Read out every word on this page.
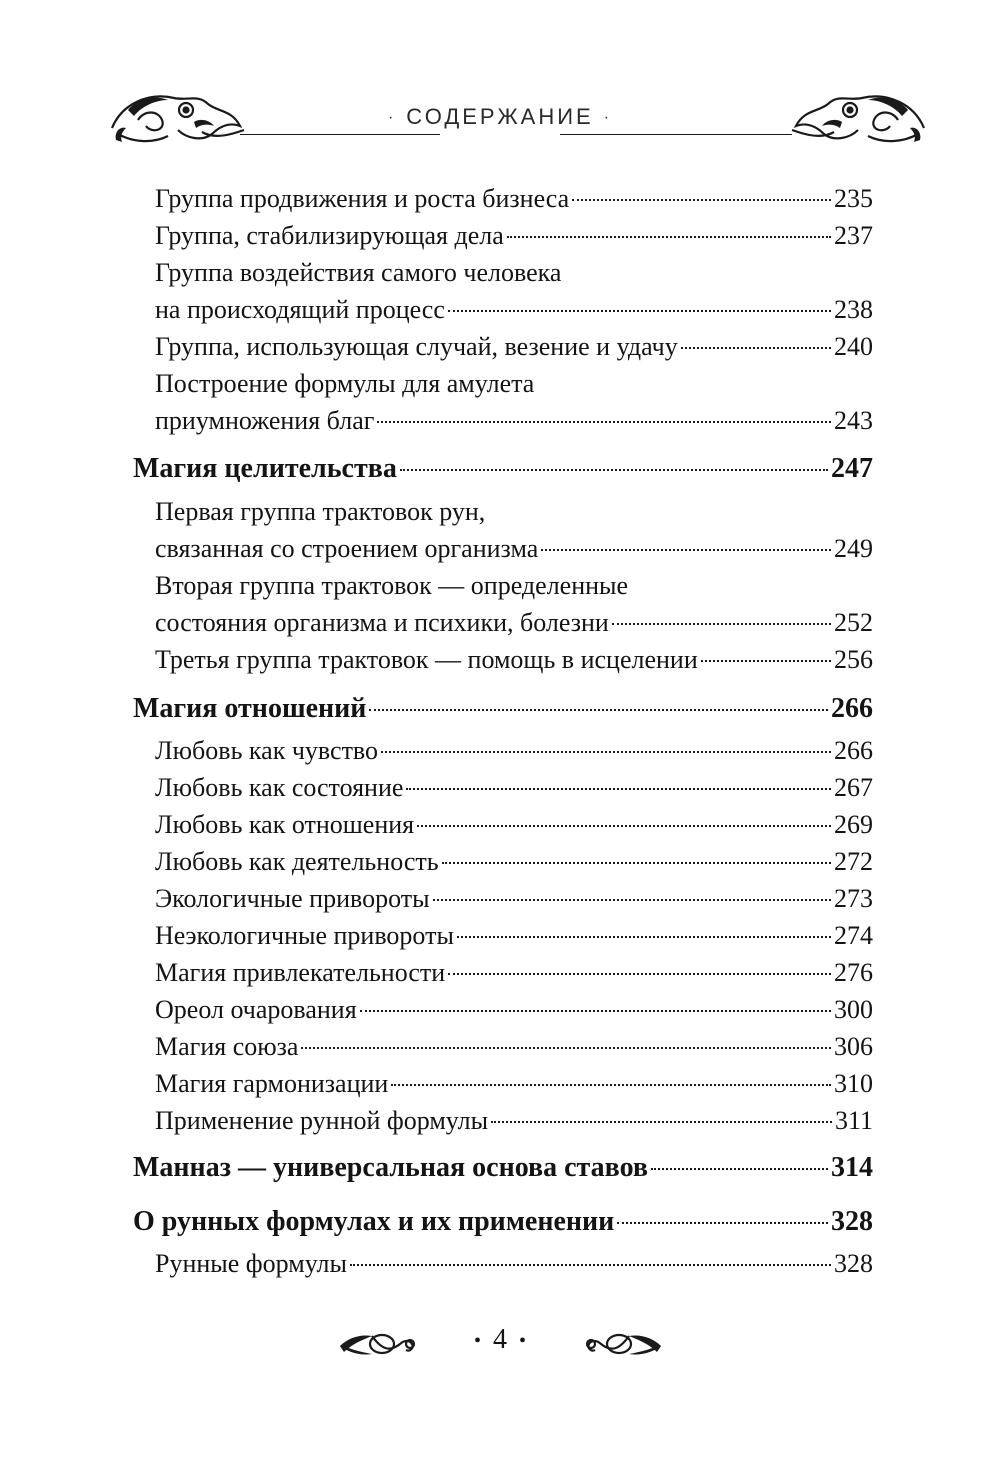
· СОДЕРЖАНИЕ ·
Группа продвижения и роста бизнеса	235
Группа, стабилизирующая дела	237
Группа воздействия самого человека
на происходящий процесс	238
Группа, использующая случай, везение и удачу	240
Построение формулы для амулета
приумножения благ	243
Магия целительства	247
Первая группа трактовок рун,
связанная со строением организма	249
Вторая группа трактовок — определенные
состояния организма и психики, болезни	252
Третья группа трактовок — помощь в исцелении	256
Магия отношений	266
Любовь как чувство	266
Любовь как состояние	267
Любовь как отношения	269
Любовь как деятельность	272
Экологичные привороты	273
Неэкологичные привороты	274
Магия привлекательности	276
Ореол очарования	300
Магия союза	306
Магия гармонизации	310
Применение рунной формулы	311
Манназ — универсальная основа ставов	314
О рунных формулах и их применении	328
Рунные формулы	328
• 4 •
